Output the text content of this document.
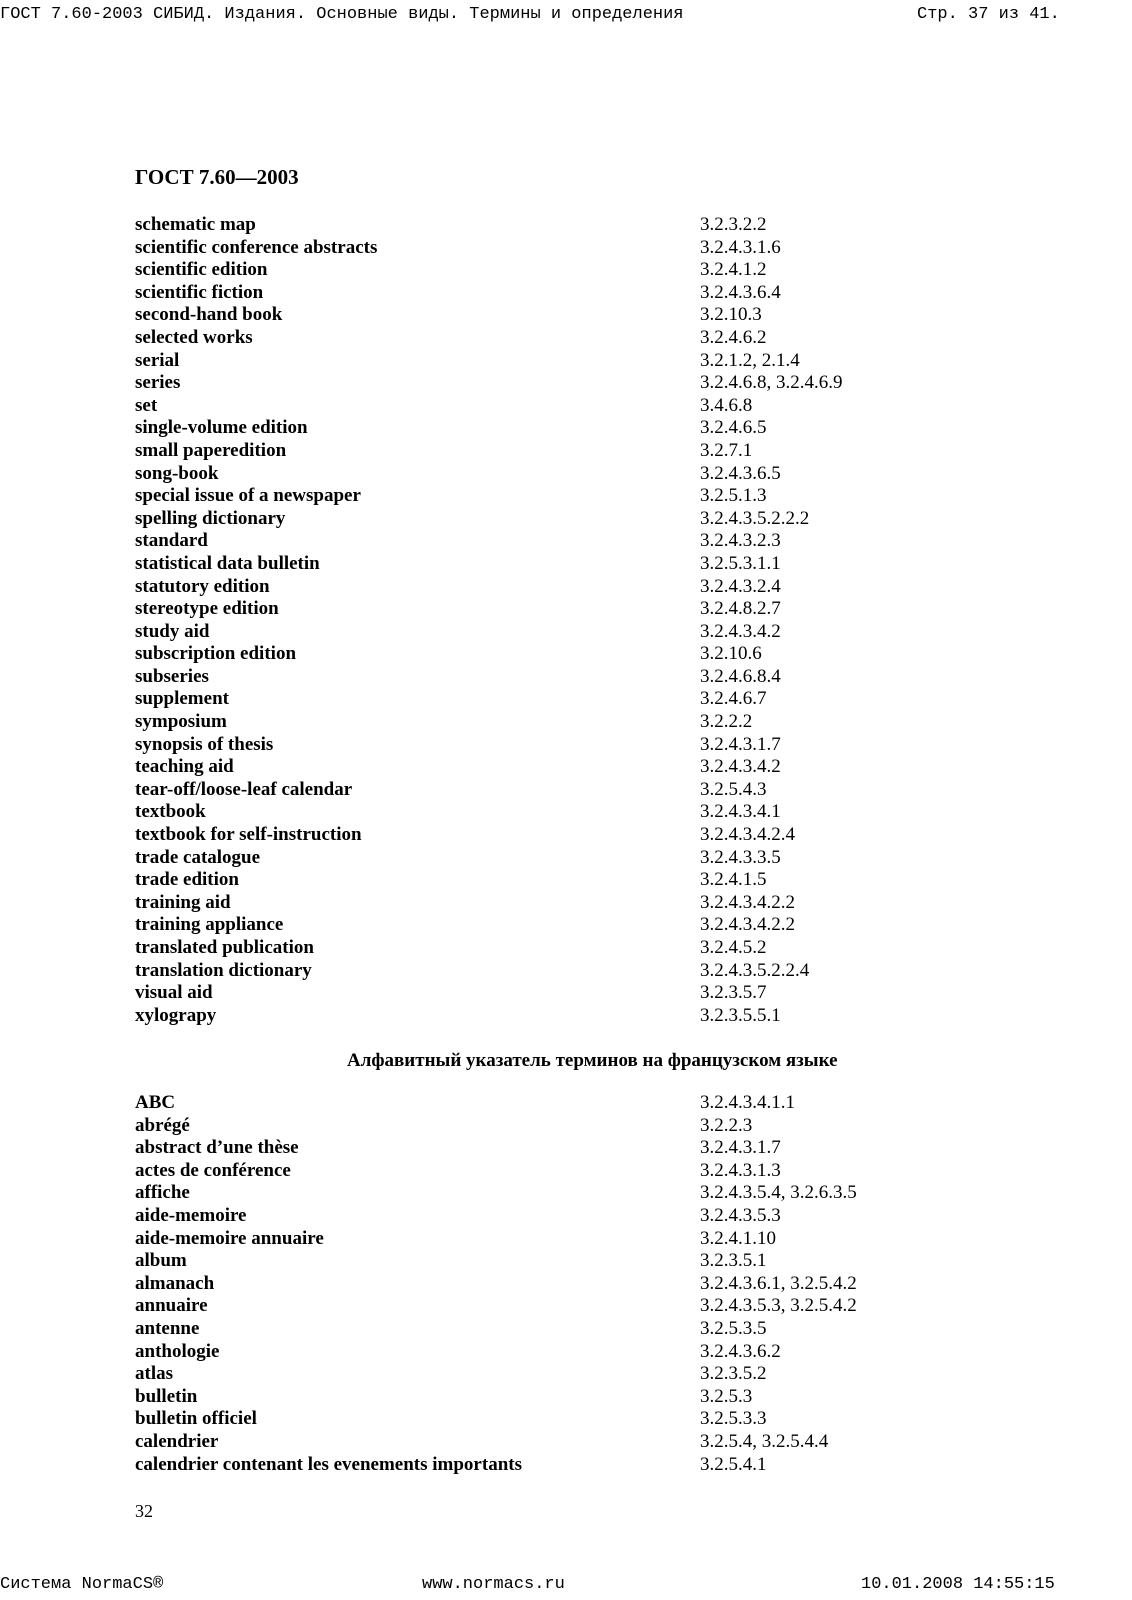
ГОСТ 7.60-2003 СИБИД. Издания. Основные виды. Термины и определения	Стр. 37 из 41.
ГОСТ 7.60—2003
schematic map	3.2.3.2.2
scientific conference abstracts	3.2.4.3.1.6
scientific edition	3.2.4.1.2
scientific fiction	3.2.4.3.6.4
second-hand book	3.2.10.3
selected works	3.2.4.6.2
serial	3.2.1.2, 2.1.4
series	3.2.4.6.8, 3.2.4.6.9
set	3.4.6.8
single-volume edition	3.2.4.6.5
small paperedition	3.2.7.1
song-book	3.2.4.3.6.5
special issue of a newspaper	3.2.5.1.3
spelling dictionary	3.2.4.3.5.2.2.2
standard	3.2.4.3.2.3
statistical data bulletin	3.2.5.3.1.1
statutory edition	3.2.4.3.2.4
stereotype edition	3.2.4.8.2.7
study aid	3.2.4.3.4.2
subscription edition	3.2.10.6
subseries	3.2.4.6.8.4
supplement	3.2.4.6.7
symposium	3.2.2.2
synopsis of thesis	3.2.4.3.1.7
teaching aid	3.2.4.3.4.2
tear-off/loose-leaf calendar	3.2.5.4.3
textbook	3.2.4.3.4.1
textbook for self-instruction	3.2.4.3.4.2.4
trade catalogue	3.2.4.3.3.5
trade edition	3.2.4.1.5
training aid	3.2.4.3.4.2.2
training appliance	3.2.4.3.4.2.2
translated publication	3.2.4.5.2
translation dictionary	3.2.4.3.5.2.2.4
visual aid	3.2.3.5.7
xylograpy	3.2.3.5.5.1
Алфавитный указатель терминов на французском языке
ABC	3.2.4.3.4.1.1
abrégé	3.2.2.3
abstract d’une thèse	3.2.4.3.1.7
actes de conférence	3.2.4.3.1.3
affiche	3.2.4.3.5.4, 3.2.6.3.5
aide-memoire	3.2.4.3.5.3
aide-memoire annuaire	3.2.4.1.10
album	3.2.3.5.1
almanach	3.2.4.3.6.1, 3.2.5.4.2
annuaire	3.2.4.3.5.3, 3.2.5.4.2
antenne	3.2.5.3.5
anthologie	3.2.4.3.6.2
atlas	3.2.3.5.2
bulletin	3.2.5.3
bulletin officiel	3.2.5.3.3
calendrier	3.2.5.4, 3.2.5.4.4
calendrier contenant les evenements importants	3.2.5.4.1
32
Система NormaCS®	www.normacs.ru	10.01.2008 14:55:15
